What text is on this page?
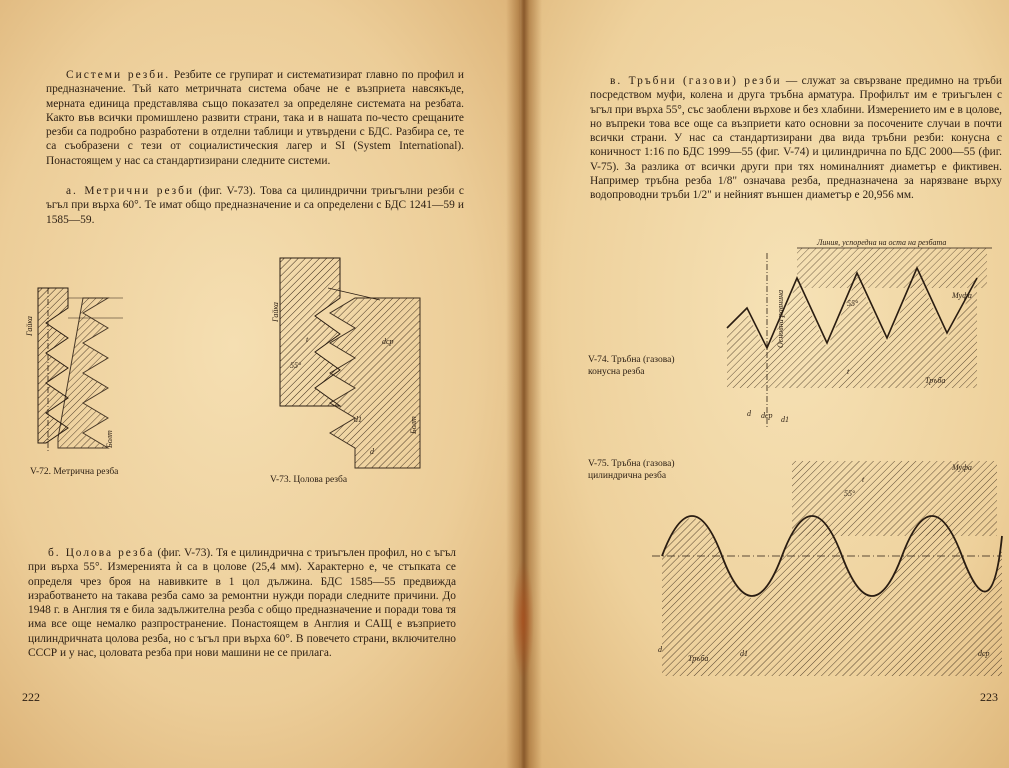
Системи резби. Резбите се групират и систематизират главно по профил и предназначение. Тъй като метричната система обаче не е възприета навсякъде, мерната единица представлява също показател за определяне системата на резбата. Както във всички промишлено развити страни, така и в нашата по-често срещаните резби са подробно разработени в отделни таблици и утвърдени с БДС. Разбира се, те са съобразени с тези от социалистическия лагер и SI (System International). Понастоящем у нас са стандартизирани следните системи.

а. Метрични резби (фиг. V-73). Това са цилиндрични триъгълни резби с ъгъл при върха 60°. Те имат общо предназначение и са определени с БДС 1241—59 и 1585—59.

Гайка
Болт
V-72. Метрична резба
Гайка
Болт
55°
dср
d
d1
t
V-73. Цолова резба

б. Цолова резба (фиг. V-73). Тя е цилиндрична с триъгълен профил, но с ъгъл при върха 55°. Измеренията ѝ са в цолове (25,4 мм). Характерно е, че стъпката се определя чрез броя на навивките в 1 цол дължина. БДС 1585—55 предвижда изработването на такава резба само за ремонтни нужди поради следните причини. До 1948 г. в Англия тя е била задължителна резба с общо предназначение и поради това тя има все още немалко разпространение. Понастоящем в Англия и САЩ е възприето цилиндричната цолова резба, но с ъгъл при върха 60°. В повечето страни, включително СССР и у нас, цоловата резба при нови машини не се прилага.

222

в. Тръбни (газови) резби — служат за свързване предимно на тръби посредством муфи, колена и друга тръбна арматура. Профилът им е триъгълен с ъгъл при върха 55°, със заоблени върхове и без хлабини. Измерението им е в цолове, но въпреки това все още са възприети като основни за посочените случаи в почти всички страни. У нас са стандартизирани два вида тръбни резби: конусна с коничност 1:16 по БДС 1999—55 (фиг. V-74) и цилиндрична по БДС 2000—55 (фиг. V-75). За разлика от всички други при тях номиналният диаметър е фиктивен. Например тръбна резба 1/8" означава резба, предназначена за нарязване върху водопроводни тръби 1/2" и нейният външен диаметър е 20,956 мм.

Линия, успоредна на оста на резбата
Муфа
Тръба
Основна равнина	55°
d dср d1
t
V-74. Тръбна (газова)
конусна резба
Муфа
Тръба
55°
d	d1	dср
t
V-75. Тръбна (газова)
цилиндрична резба
223
